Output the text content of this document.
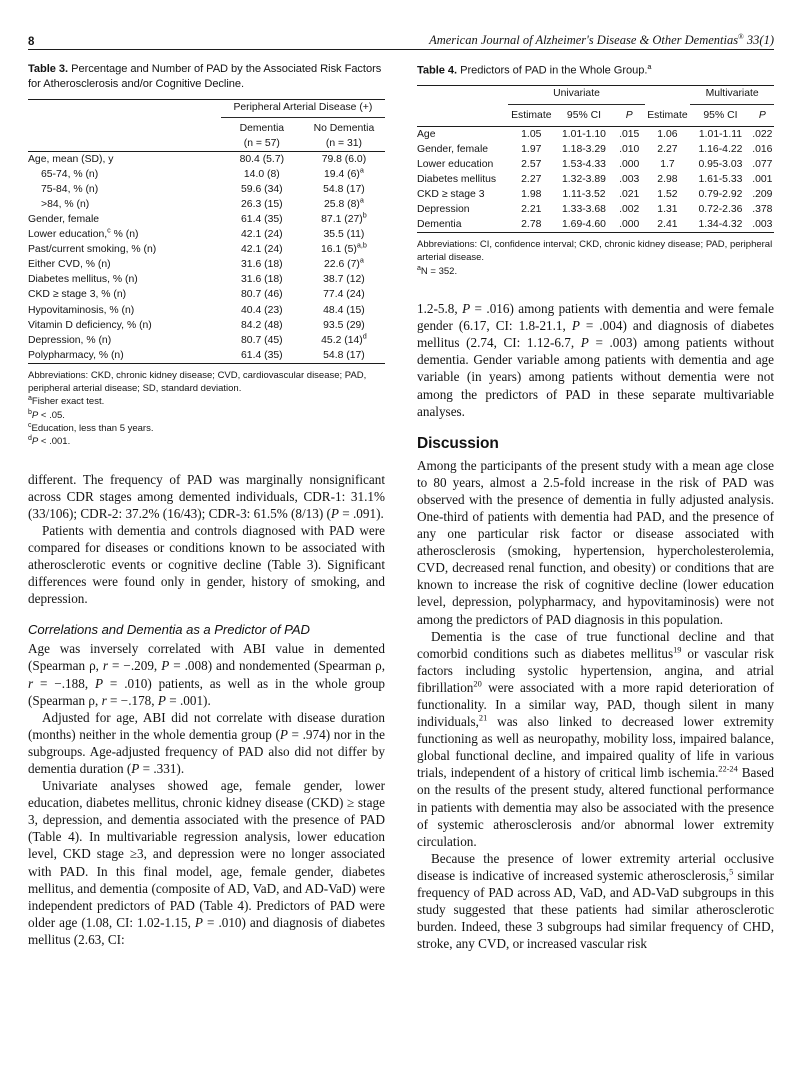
8	American Journal of Alzheimer's Disease & Other Dementias® 33(1)
Table 3. Percentage and Number of PAD by the Associated Risk Factors for Atherosclerosis and/or Cognitive Decline.
	Peripheral Arterial Disease (+)	
	Dementia	No Dementia
	(n = 57)	(n = 31)
Age, mean (SD), y	80.4 (5.7)	79.8 (6.0)
65-74, % (n)	14.0 (8)	19.4 (6)$^a$
75-84, % (n)	59.6 (34)	54.8 (17)
>84, % (n)	26.3 (15)	25.8 (8)$^a$
Gender, female	61.4 (35)	87.1 (27)$^b$
Lower education,$^c$ % (n)	42.1 (24)	35.5 (11)
Past/current smoking, % (n)	42.1 (24)	16.1 (5)$^{a,b}$
Either CVD, % (n)	31.6 (18)	22.6 (7)$^a$
Diabetes mellitus, % (n)	31.6 (18)	38.7 (12)
CKD ≥ stage 3, % (n)	80.7 (46)	77.4 (24)
Hypovitaminosis, % (n)	40.4 (23)	48.4 (15)
Vitamin D deficiency, % (n)	84.2 (48)	93.5 (29)
Depression, % (n)	80.7 (45)	45.2 (14)$^d$
Polypharmacy, % (n)	61.4 (35)	54.8 (17)
Abbreviations: CKD, chronic kidney disease; CVD, cardiovascular disease; PAD, peripheral arterial disease; SD, standard deviation.
$^a$Fisher exact test.
$^b$P < .05.
$^c$Education, less than 5 years.
$^d$P < .001.

different. The frequency of PAD was marginally nonsignificant across CDR stages among demented individuals, CDR-1: 31.1% (33/106); CDR-2: 37.2% (16/43); CDR-3: 61.5% (8/13) (P = .091).

Patients with dementia and controls diagnosed with PAD were compared for diseases or conditions known to be associated with atherosclerotic events or cognitive decline (Table 3). Significant differences were found only in gender, history of smoking, and depression.

Correlations and Dementia as a Predictor of PAD

Age was inversely correlated with ABI value in demented (Spearman ρ, r = −.209, P = .008) and nondemented (Spearman ρ, r = −.188, P = .010) patients, as well as in the whole group (Spearman ρ, r = −.178, P = .001).

Adjusted for age, ABI did not correlate with disease duration (months) neither in the whole dementia group (P = .974) nor in the subgroups. Age-adjusted frequency of PAD also did not differ by dementia duration (P = .331).

Univariate analyses showed age, female gender, lower education, diabetes mellitus, chronic kidney disease (CKD) ≥ stage 3, depression, and dementia associated with the presence of PAD (Table 4). In multivariable regression analysis, lower education level, CKD stage ≥3, and depression were no longer associated with PAD. In this final model, age, female gender, diabetes mellitus, and dementia (composite of AD, VaD, and AD-VaD) were independent predictors of PAD (Table 4). Predictors of PAD were older age (1.08, CI: 1.02-1.15, P = .010) and diagnosis of diabetes mellitus (2.63, CI:

Table 4. Predictors of PAD in the Whole Group.$^a$
	Univariate				Multivariate	
	Estimate	95% CI	P	Estimate	95% CI	P
Age	1.05	1.01-1.10	.015	1.06	1.01-1.11	.022
Gender, female	1.97	1.18-3.29	.010	2.27	1.16-4.22	.016
Lower education	2.57	1.53-4.33	.000	1.7	0.95-3.03	.077
Diabetes mellitus	2.27	1.32-3.89	.003	2.98	1.61-5.33	.001
CKD ≥ stage 3	1.98	1.11-3.52	.021	1.52	0.79-2.92	.209
Depression	2.21	1.33-3.68	.002	1.31	0.72-2.36	.378
Dementia	2.78	1.69-4.60	.000	2.41	1.34-4.32	.003
Abbreviations: CI, confidence interval; CKD, chronic kidney disease; PAD, peripheral arterial disease.
$^a$N = 352.

1.2-5.8, P = .016) among patients with dementia and were female gender (6.17, CI: 1.8-21.1, P = .004) and diagnosis of diabetes mellitus (2.74, CI: 1.12-6.7, P = .003) among patients without dementia. Gender variable among patients with dementia and age variable (in years) among patients without dementia were not among the predictors of PAD in these separate multivariable analyses.

Discussion

Among the participants of the present study with a mean age close to 80 years, almost a 2.5-fold increase in the risk of PAD was observed with the presence of dementia in fully adjusted analysis. One-third of patients with dementia had PAD, and the presence of any one particular risk factor or disease associated with atherosclerosis (smoking, hypertension, hypercholesterolemia, CVD, decreased renal function, and obesity) or conditions that are known to increase the risk of cognitive decline (lower education level, depression, polypharmacy, and hypovitaminosis) were not among the predictors of PAD diagnosis in this population.

Dementia is the case of true functional decline and that comorbid conditions such as diabetes mellitus$^{19}$ or vascular risk factors including systolic hypertension, angina, and atrial fibrillation$^{20}$ were associated with a more rapid deterioration of functionality. In a similar way, PAD, though silent in many individuals,$^{21}$ was also linked to decreased lower extremity functioning as well as neuropathy, mobility loss, impaired balance, global functional decline, and impaired quality of life in various trials, independent of a history of critical limb ischemia.$^{22-24}$ Based on the results of the present study, altered functional performance in patients with dementia may also be associated with the presence of systemic atherosclerosis and/or abnormal lower extremity circulation.

Because the presence of lower extremity arterial occlusive disease is indicative of increased systemic atherosclerosis,$^5$ similar frequency of PAD across AD, VaD, and AD-VaD subgroups in this study suggested that these patients had similar atherosclerotic burden. Indeed, these 3 subgroups had similar frequency of CHD, stroke, any CVD, or increased vascular risk
